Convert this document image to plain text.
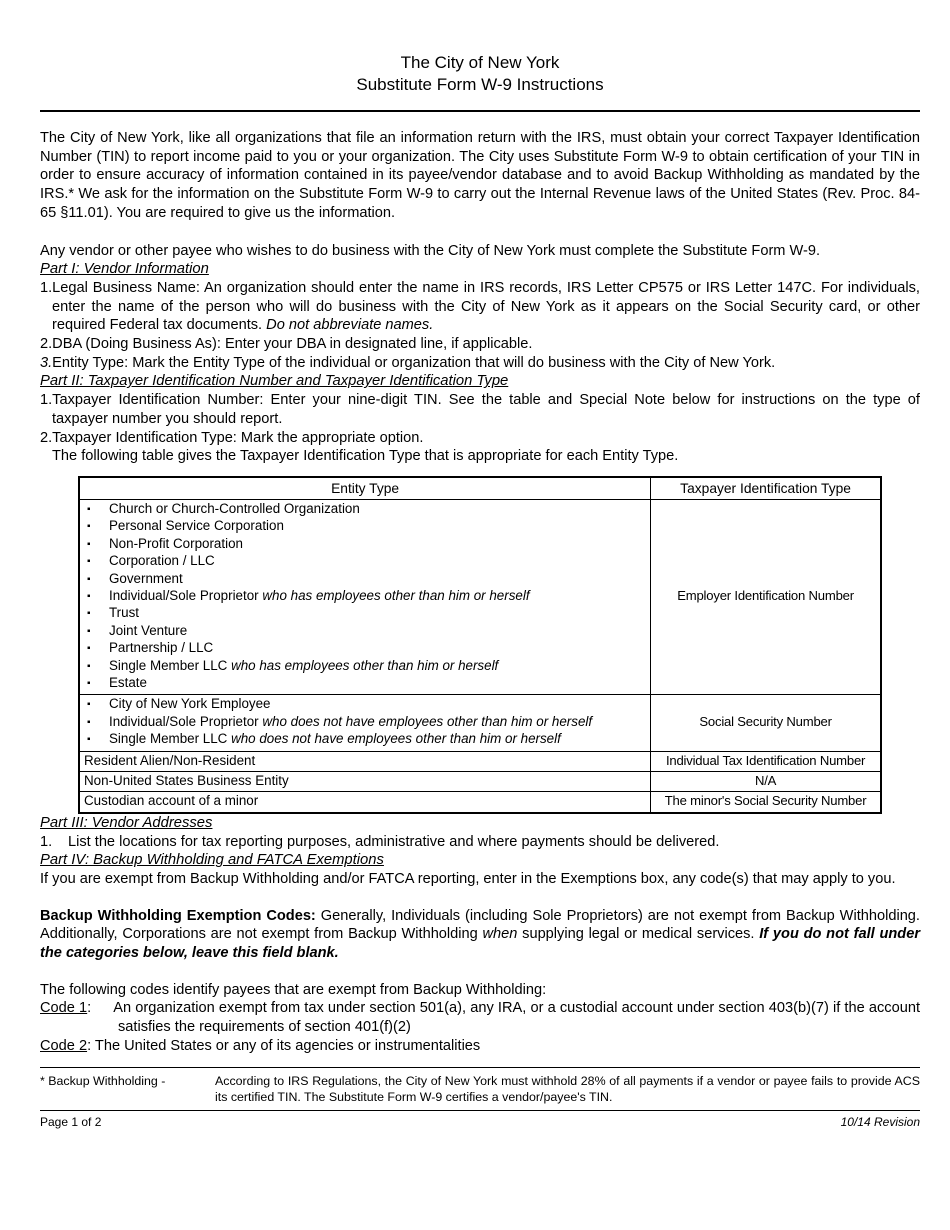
The City of New York
Substitute Form W-9 Instructions

The City of New York, like all organizations that file an information return with the IRS, must obtain your correct Taxpayer Identification Number (TIN) to report income paid to you or your organization. The City uses Substitute Form W-9 to obtain certification of your TIN in order to ensure accuracy of information contained in its payee/vendor database and to avoid Backup Withholding as mandated by the IRS.* We ask for the information on the Substitute Form W-9 to carry out the Internal Revenue laws of the United States (Rev. Proc. 84-65 §11.01). You are required to give us the information.

Any vendor or other payee who wishes to do business with the City of New York must complete the Substitute Form W-9.

Part I: Vendor Information
1.Legal Business Name: An organization should enter the name in IRS records, IRS Letter CP575 or IRS Letter 147C. For individuals, enter the name of the person who will do business with the City of New York as it appears on the Social Security card, or other required Federal tax documents. Do not abbreviate names.
2.DBA (Doing Business As): Enter your DBA in designated line, if applicable.
3.Entity Type: Mark the Entity Type of the individual or organization that will do business with the City of New York.
Part II: Taxpayer Identification Number and Taxpayer Identification Type
1.Taxpayer Identification Number: Enter your nine-digit TIN. See the table and Special Note below for instructions on the type of taxpayer number you should report.
2.Taxpayer Identification Type: Mark the appropriate option.
The following table gives the Taxpayer Identification Type that is appropriate for each Entity Type.
Entity Type	Taxpayer Identification Type
▪ Church or Church-Controlled Organization
▪ Personal Service Corporation
▪ Non-Profit Corporation
▪ Corporation / LLC
▪ Government
▪ Individual/Sole Proprietor who has employees other than him or herself
▪ Trust
▪ Joint Venture
▪ Partnership / LLC
▪ Single Member LLC who has employees other than him or herself
▪ Estate
Employer Identification Number
▪ City of New York Employee
▪ Individual/Sole Proprietor who does not have employees other than him or herself
▪ Single Member LLC who does not have employees other than him or herself
Social Security Number
Resident Alien/Non-Resident	Individual Tax Identification Number
Non-United States Business Entity	N/A
Custodian account of a minor	The minor's Social Security Number
Part III: Vendor Addresses
1. List the locations for tax reporting purposes, administrative and where payments should be delivered.
Part IV: Backup Withholding and FATCA Exemptions

If you are exempt from Backup Withholding and/or FATCA reporting, enter in the Exemptions box, any code(s) that may apply to you.

Backup Withholding Exemption Codes: Generally, Individuals (including Sole Proprietors) are not exempt from Backup Withholding. Additionally, Corporations are not exempt from Backup Withholding when supplying legal or medical services. If you do not fall under the categories below, leave this field blank.

The following codes identify payees that are exempt from Backup Withholding:

Code 1: An organization exempt from tax under section 501(a), any IRA, or a custodial account under section 403(b)(7) if the account satisfies the requirements of section 401(f)(2)
Code 2: The United States or any of its agencies or instrumentalities
* Backup Withholding -	According to IRS Regulations, the City of New York must withhold 28% of all payments if a vendor or payee fails to provide ACS its certified TIN. The Substitute Form W-9 certifies a vendor/payee's TIN.
Page 1 of 2	10/14 Revision
